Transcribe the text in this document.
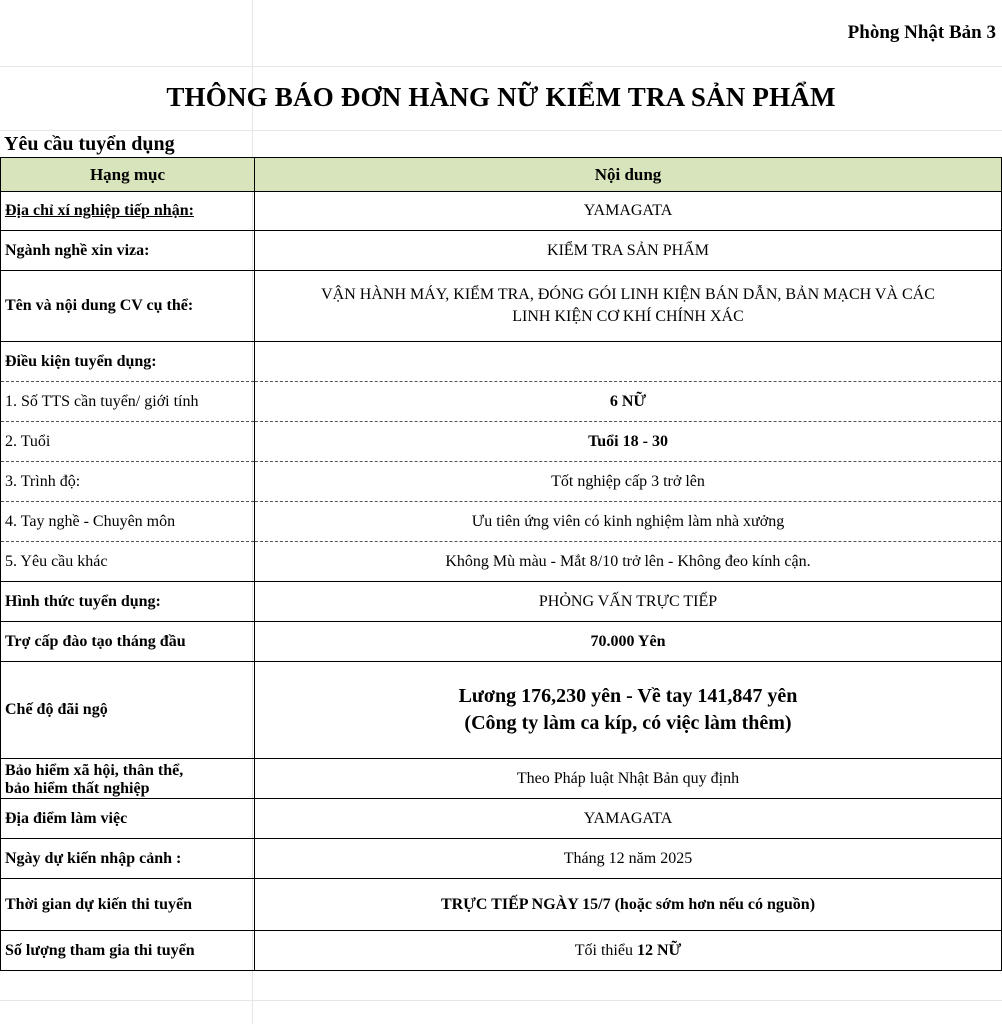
Phòng Nhật Bản 3
THÔNG BÁO ĐƠN HÀNG NỮ KIỂM TRA SẢN PHẨM
Yêu cầu tuyển dụng
Hạng mục	Nội dung
Địa chỉ xí nghiệp tiếp nhận:	YAMAGATA
Ngành nghề xin viza:	KIỂM TRA SẢN PHẨM
Tên và nội dung CV cụ thể:	VẬN HÀNH MÁY, KIỂM TRA, ĐÓNG GÓI LINH KIỆN BÁN DẪN, BẢN MẠCH VÀ CÁC
LINH KIỆN CƠ KHÍ CHÍNH XÁC

Điều kiện tuyển dụng:	
1. Số TTS cần tuyển/ giới tính	6 NỮ
2. Tuổi	Tuổi 18 - 30
3. Trình độ:	Tốt nghiệp cấp 3 trở lên
4. Tay nghề - Chuyên môn	Ưu tiên ứng viên có kinh nghiệm làm nhà xưởng
5. Yêu cầu khác	Không Mù màu - Mắt 8/10 trở lên - Không đeo kính cận.
Hình thức tuyển dụng:	PHỎNG VẤN TRỰC TIẾP
Trợ cấp đào tạo tháng đầu	70.000 Yên
Chế độ đãi ngộ	Lương 176,230 yên - Về tay 141,847 yên
(Công ty làm ca kíp, có việc làm thêm)

Bảo hiểm xã hội, thân thể,
bảo hiểm thất nghiệp	Theo Pháp luật Nhật Bản quy định
Địa điểm làm việc	YAMAGATA
Ngày dự kiến nhập cảnh :	Tháng 12 năm 2025
Thời gian dự kiến thi tuyển	TRỰC TIẾP NGÀY 15/7 (hoặc sớm hơn nếu có nguồn)
Số lượng tham gia thi tuyển	Tối thiểu 12 NỮ
